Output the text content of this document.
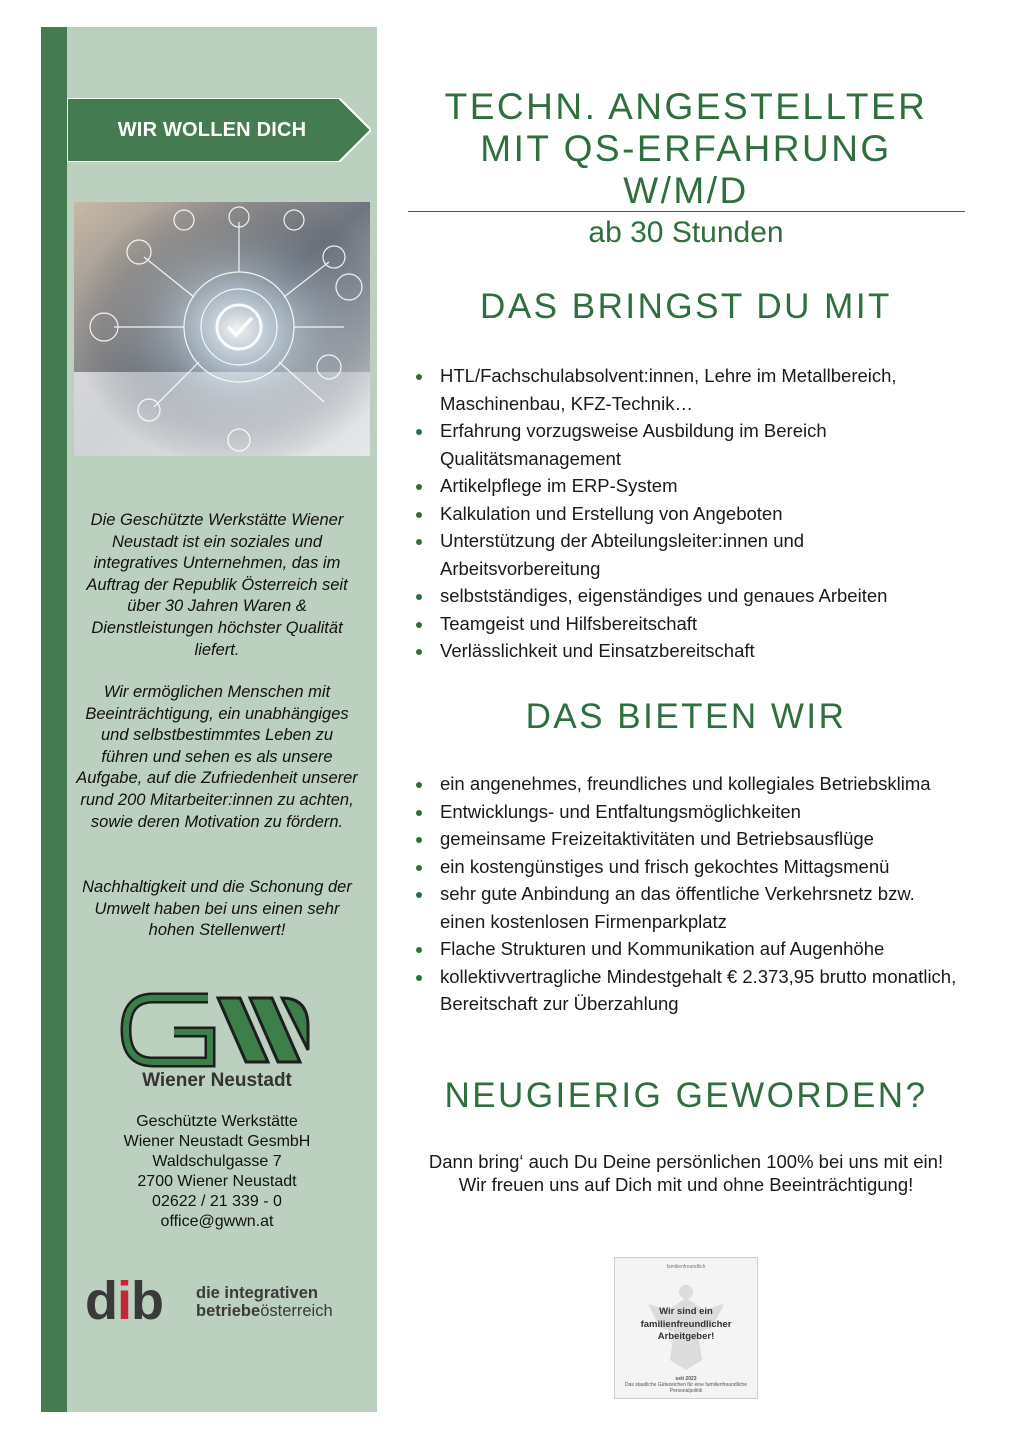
WIR WOLLEN DICH
Die Geschützte Werkstätte Wiener Neustadt ist ein soziales und integratives Unternehmen, das im Auftrag der Republik Österreich seit über 30 Jahren Waren & Dienstleistungen höchster Qualität liefert.
Wir ermöglichen Menschen mit Beeinträchtigung, ein unabhängiges und selbstbestimmtes Leben zu führen und sehen es als unsere Aufgabe, auf die Zufriedenheit unserer rund 200 Mitarbeiter:innen zu achten, sowie deren Motivation zu fördern.
Nachhaltigkeit und die Schonung der Umwelt haben bei uns einen sehr hohen Stellenwert!
Wiener Neustadt
Geschützte Werkstätte
Wiener Neustadt GesmbH
Waldschulgasse 7
2700 Wiener Neustadt
02622 / 21 339 - 0
office@gwwn.at
dib die integrativen
betriebeösterreich
TECHN. ANGESTELLTER
MIT QS-ERFAHRUNG
W/M/D
ab 30 Stunden
DAS BRINGST DU MIT
HTL/Fachschulabsolvent:innen, Lehre im Metallbereich, Maschinenbau, KFZ-Technik…
Erfahrung vorzugsweise Ausbildung im Bereich Qualitätsmanagement
Artikelpflege im ERP-System
Kalkulation und Erstellung von Angeboten
Unterstützung der Abteilungsleiter:innen und Arbeitsvorbereitung
selbstständiges, eigenständiges und genaues Arbeiten
Teamgeist und Hilfsbereitschaft
Verlässlichkeit und Einsatzbereitschaft
DAS BIETEN WIR
ein angenehmes, freundliches und kollegiales Betriebsklima
Entwicklungs- und Entfaltungsmöglichkeiten
gemeinsame Freizeitaktivitäten und Betriebsausflüge
ein kostengünstiges und frisch gekochtes Mittagsmenü
sehr gute Anbindung an das öffentliche Verkehrsnetz bzw. einen kostenlosen Firmenparkplatz
Flache Strukturen und Kommunikation auf Augenhöhe
kollektivvertragliche Mindestgehalt € 2.373,95 brutto monatlich, Bereitschaft zur Überzahlung
NEUGIERIG GEWORDEN?
Dann bring‘ auch Du Deine persönlichen 100% bei uns mit ein!
Wir freuen uns auf Dich mit und ohne Beeinträchtigung!
familienfreundlich
Wir sind ein familienfreundlicher Arbeitgeber!
seit 2023
Das staatliche Gütezeichen für eine familienfreundliche Personalpolitik
